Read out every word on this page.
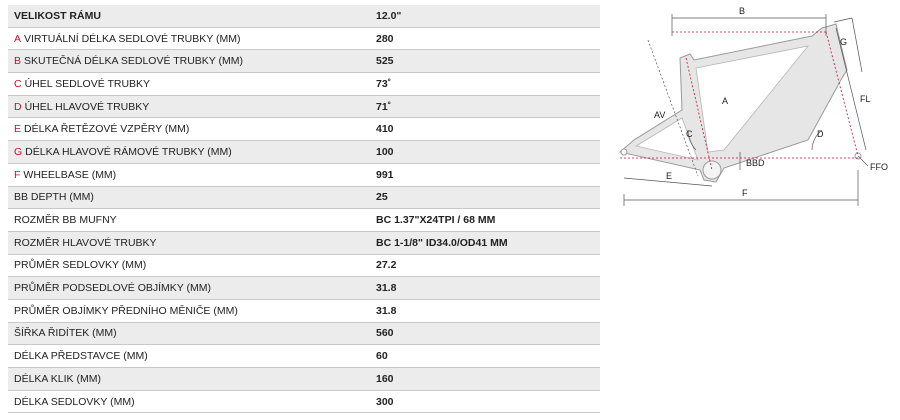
VELIKOST RÁMU	12.0"
A VIRTUÁLNÍ DÉLKA SEDLOVÉ TRUBKY (MM)	280
B SKUTEČNÁ DÉLKA SEDLOVÉ TRUBKY (MM)	525
C ÚHEL SEDLOVÉ TRUBKY	73˚
D ÚHEL HLAVOVÉ TRUBKY	71˚
E DÉLKA ŘETĚZOVÉ VZPĚRY (MM)	410
G DÉLKA HLAVOVÉ RÁMOVÉ TRUBKY (MM)	100
F WHEELBASE (MM)	991
BB DEPTH (MM)	25
ROZMĚR BB MUFNY	BC 1.37"X24TPI / 68 MM
ROZMĚR HLAVOVÉ TRUBKY	BC 1-1/8" ID34.0/OD41 MM
PRŮMĚR SEDLOVKY (MM)	27.2
PRŮMĚR PODSEDLOVÉ OBJÍMKY (MM)	31.8
PRŮMĚR OBJÍMKY PŘEDNÍHO MĚNIČE (MM)	31.8
ŠÍŘKA ŘIDÍTEK (MM)	560
DÉLKA PŘEDSTAVCE (MM)	60
DÉLKA KLIK (MM)	160
DÉLKA SEDLOVKY (MM)	300
B
G
FL
A
AV
C	D
BBD	FFO
E
F
